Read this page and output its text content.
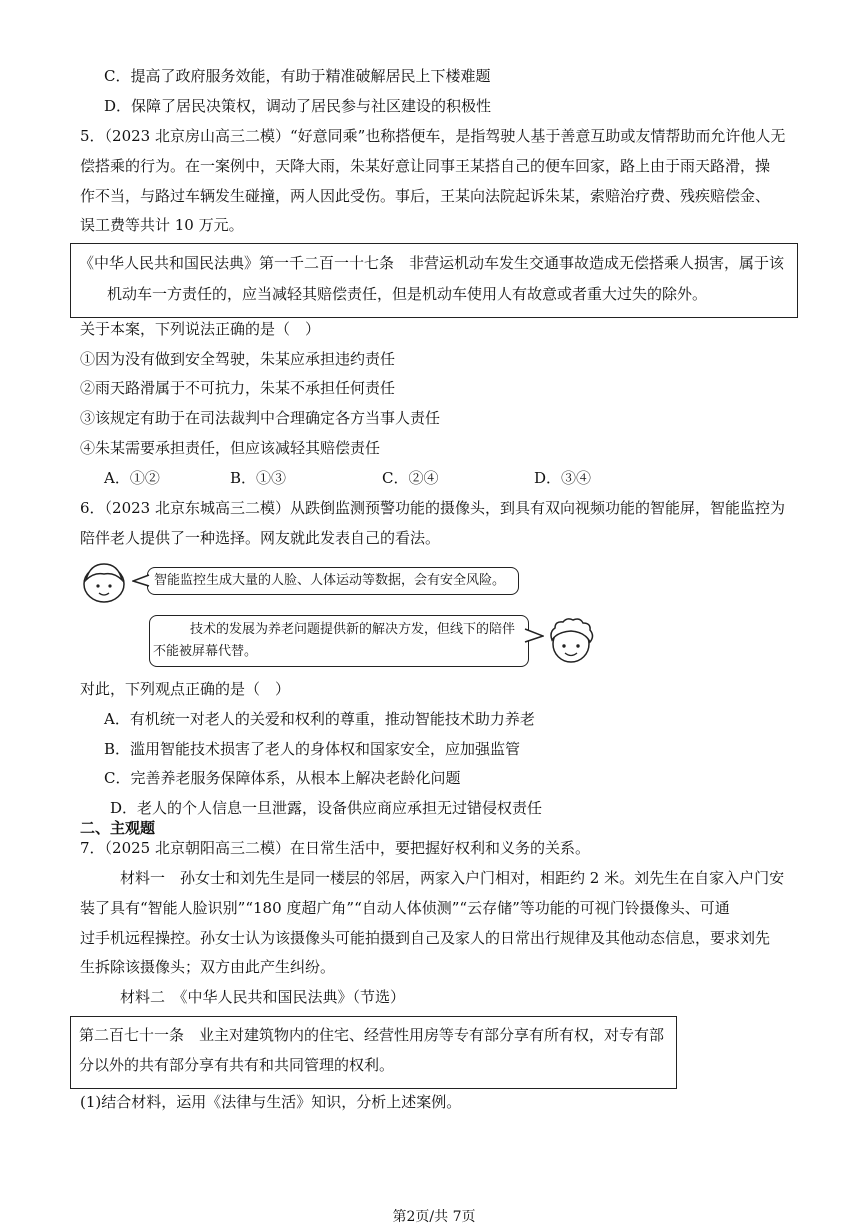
C．提高了政府服务效能，有助于精准破解居民上下楼难题
D．保障了居民决策权，调动了居民参与社区建设的积极性
5．（2023 北京房山高三二模）“好意同乘”也称搭便车，是指驾驶人基于善意互助或友情帮助而允许他人无
偿搭乘的行为。在一案例中，天降大雨，朱某好意让同事王某搭自己的便车回家，路上由于雨天路滑，操
作不当，与路过车辆发生碰撞，两人因此受伤。事后，王某向法院起诉朱某，索赔治疗费、残疾赔偿金、
误工费等共计 10 万元。
《中华人民共和国民法典》第一千二百一十七条　非营运机动车发生交通事故造成无偿搭乘人损害，属于该
机动车一方责任的，应当减轻其赔偿责任，但是机动车使用人有故意或者重大过失的除外。
关于本案，下列说法正确的是（　）
①因为没有做到安全驾驶，朱某应承担违约责任
②雨天路滑属于不可抗力，朱某不承担任何责任
③该规定有助于在司法裁判中合理确定各方当事人责任
④朱某需要承担责任，但应该减轻其赔偿责任
A．①②	B．①③	C．②④	D．③④
6．（2023 北京东城高三二模）从跌倒监测预警功能的摄像头，到具有双向视频功能的智能屏，智能监控为
陪伴老人提供了一种选择。网友就此发表自己的看法。
智能监控生成大量的人脸、人体运动等数据，会有安全风险。
技术的发展为养老问题提供新的解决方发，但线下的陪伴
不能被屏幕代替。
对此，下列观点正确的是（　）
A．有机统一对老人的关爱和权利的尊重，推动智能技术助力养老
B．滥用智能技术损害了老人的身体权和国家安全，应加强监管
C．完善养老服务保障体系，从根本上解决老龄化问题
D．老人的个人信息一旦泄露，设备供应商应承担无过错侵权责任
二、主观题
7．（2025 北京朝阳高三二模）在日常生活中，要把握好权利和义务的关系。
材料一　孙女士和刘先生是同一楼层的邻居，两家入户门相对，相距约 2 米。刘先生在自家入户门安
装了具有“智能人脸识别”“180 度超广角”“自动人体侦测”“云存储”等功能的可视门铃摄像头、可通
过手机远程操控。孙女士认为该摄像头可能拍摄到自己及家人的日常出行规律及其他动态信息，要求刘先
生拆除该摄像头；双方由此产生纠纷。
材料二　《中华人民共和国民法典》（节选）
第二百七十一条　业主对建筑物内的住宅、经营性用房等专有部分享有所有权，对专有部
分以外的共有部分享有共有和共同管理的权利。
(1)结合材料，运用《法律与生活》知识，分析上述案例。
第2页/共 7页
